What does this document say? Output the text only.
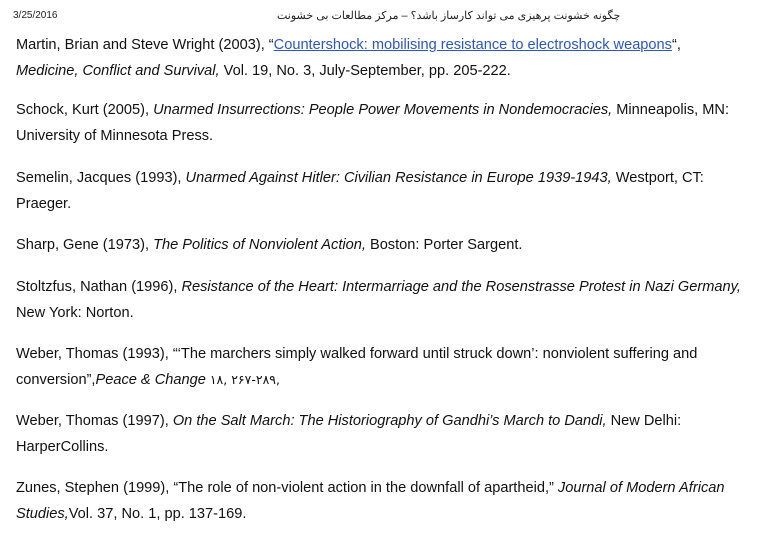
3/25/2016	چگونه خشونت پرهیزی می تواند کارساز باشد؟ – مرکز مطالعات بی خشونت
Martin, Brian and Steve Wright (2003), “Countershock: mobilising resistance to electroshock weapons“, Medicine, Conflict and Survival, Vol. 19, No. 3, July-September, pp. 205-222.
Schock, Kurt (2005), Unarmed Insurrections: People Power Movements in Nondemocracies, Minneapolis, MN: University of Minnesota Press.
Semelin, Jacques (1993), Unarmed Against Hitler: Civilian Resistance in Europe 1939-1943, Westport, CT: Praeger.
Sharp, Gene (1973), The Politics of Nonviolent Action, Boston: Porter Sargent.
Stoltzfus, Nathan (1996), Resistance of the Heart: Intermarriage and the Rosenstrasse Protest in Nazi Germany, New York: Norton.
Weber, Thomas (1993), “‘The marchers simply walked forward until struck down’: nonviolent suffering and conversion”,Peace & Change ۱۸, ۲۶۷-۲۸۹,
Weber, Thomas (1997), On the Salt March: The Historiography of Gandhi’s March to Dandi, New Delhi: HarperCollins.
Zunes, Stephen (1999), “The role of non-violent action in the downfall of apartheid,” Journal of Modern African Studies,Vol. 37, No. 1, pp. 137-169.
